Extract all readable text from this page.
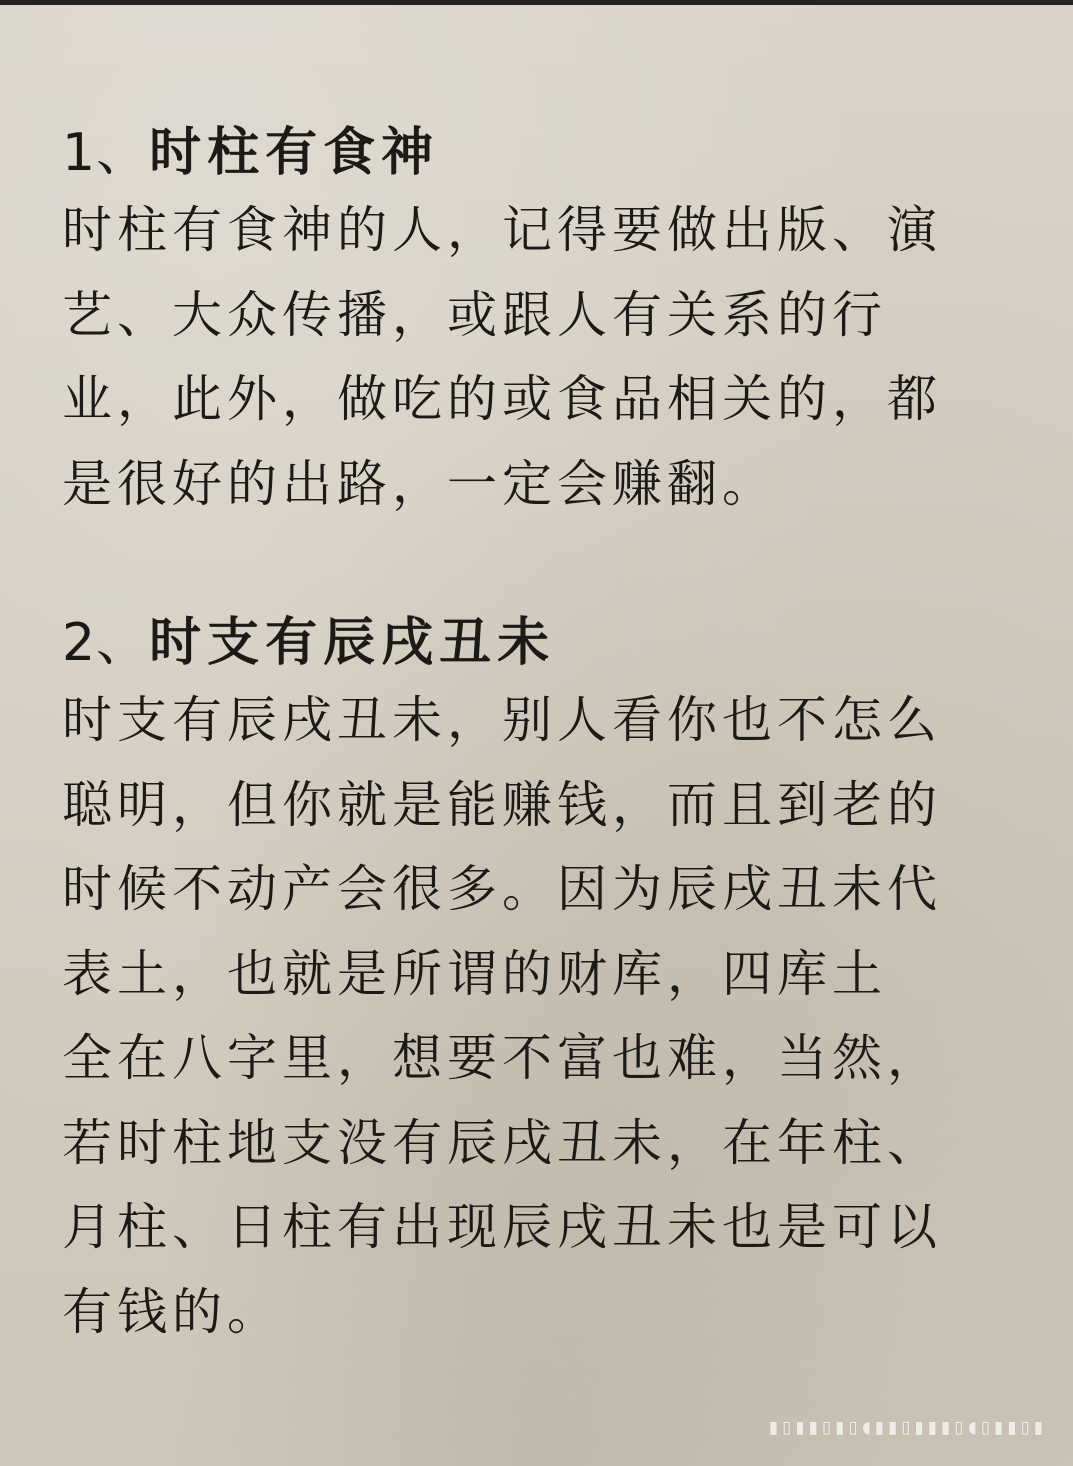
1、时柱有食神
时柱有食神的人，记得要做出版、演
艺、大众传播，或跟人有关系的行
业，此外，做吃的或食品相关的，都
是很好的出路，一定会赚翻。
2、时支有辰戌丑未
时支有辰戌丑未，别人看你也不怎么
聪明，但你就是能赚钱，而且到老的
时候不动产会很多。因为辰戌丑未代
表土，也就是所谓的财库，四库土
全在八字里，想要不富也难，当然，
若时柱地支没有辰戌丑未，在年柱、
月柱、日柱有出现辰戌丑未也是可以
有钱的。
▮▯▮▮▯▮▯◖▮▮▯▮▮▮▯◖▯▮▮▯▮
